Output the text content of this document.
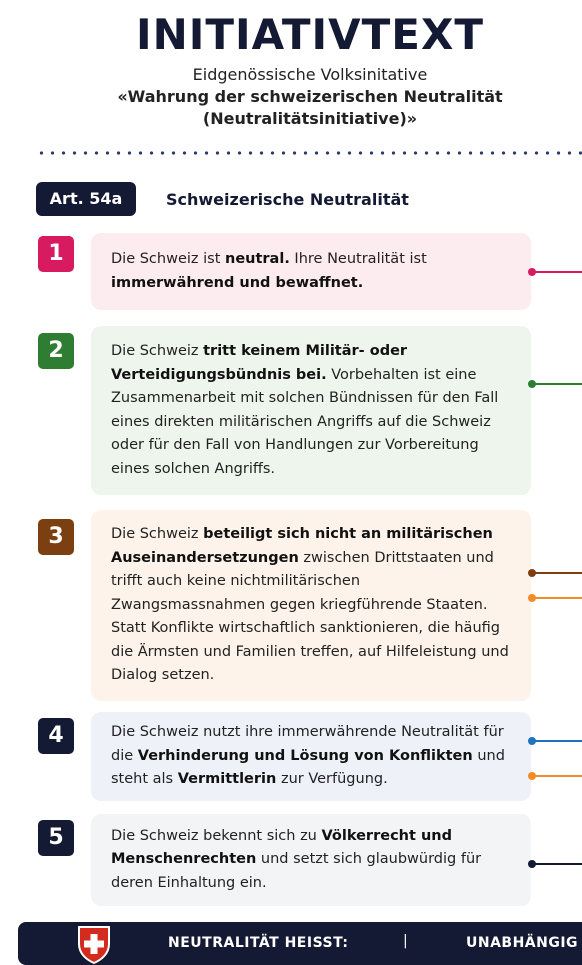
INITIATIVTEXT
Eidgenössische Volksinitative
«Wahrung der schweizerischen Neutralität
(Neutralitätsinitiative)»
Art. 54a	Schweizerische Neutralität
1	Die Schweiz ist neutral. Ihre Neutralität ist immerwährend und bewaffnet.
2	Die Schweiz tritt keinem Militär- oder Verteidigungsbündnis bei. Vorbehalten ist eine Zusammenarbeit mit solchen Bündnissen für den Fall eines direkten militärischen Angriffs auf die Schweiz oder für den Fall von Handlungen zur Vorbereitung eines solchen Angriffs.
3	Die Schweiz beteiligt sich nicht an militärischen Auseinandersetzungen zwischen Drittstaaten und trifft auch keine nichtmilitärischen Zwangsmassnahmen gegen kriegführende Staaten. Statt Konflikte wirtschaftlich sanktionieren, die häufig die Ärmsten und Familien treffen, auf Hilfeleistung und Dialog setzen.
4	Die Schweiz nutzt ihre immerwährende Neutralität für die Verhinderung und Lösung von Konflikten und steht als Vermittlerin zur Verfügung.
5	Die Schweiz bekennt sich zu Völkerrecht und Menschenrechten und setzt sich glaubwürdig für deren Einhaltung ein.
NEUTRALITÄT HEISST:	|	UNABHÄNGIG
